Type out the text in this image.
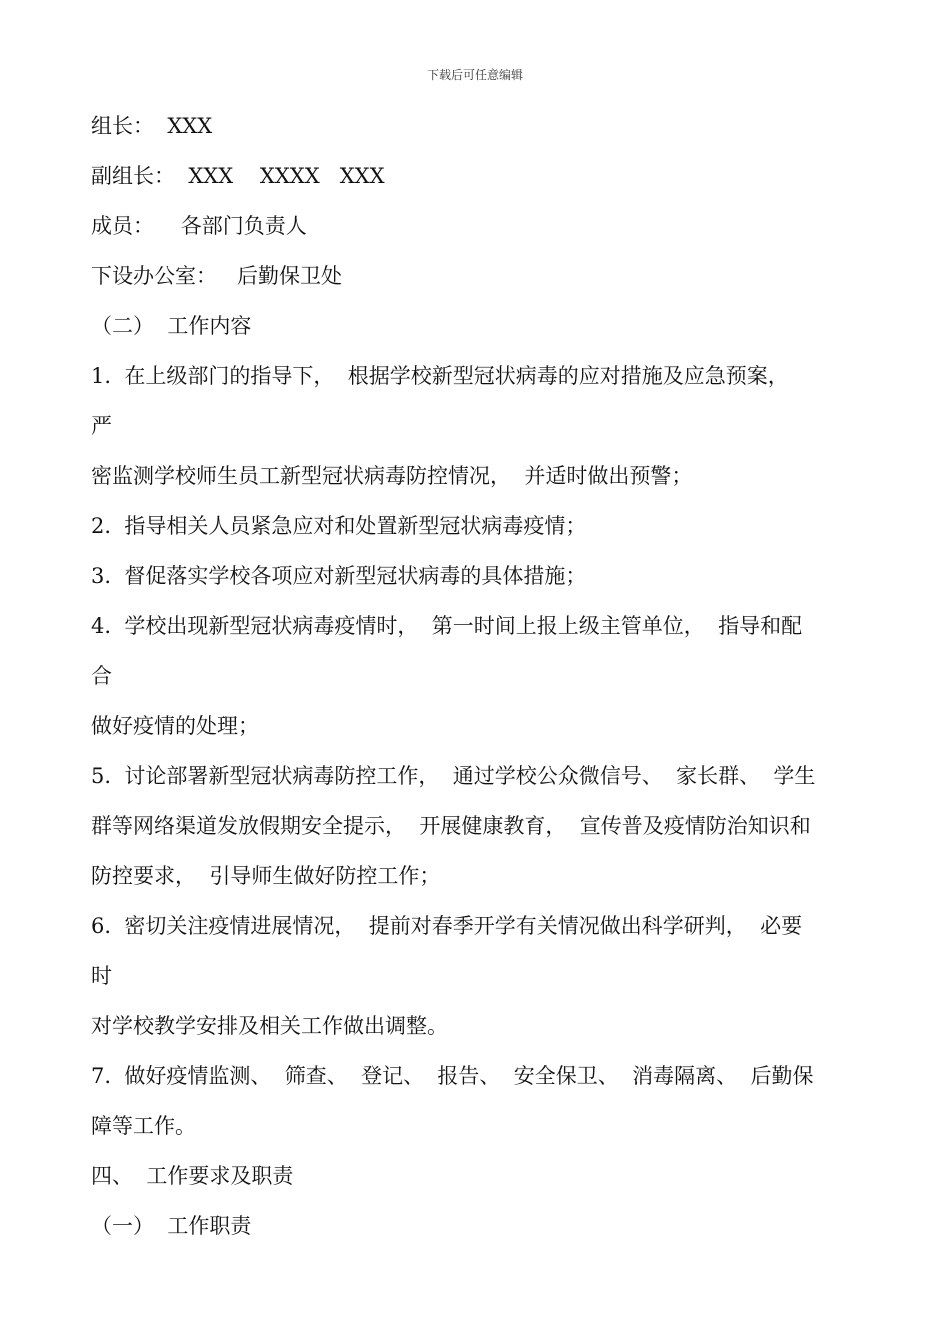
下载后可任意编辑
组长：  XXX
副组长：  XXX    XXXX   XXX
成员：    各部门负责人
下设办公室：   后勤保卫处
（二）  工作内容
1.  在上级部门的指导下，  根据学校新型冠状病毒的应对措施及应急预案，
严
密监测学校师生员工新型冠状病毒防控情况，  并适时做出预警；
2.  指导相关人员紧急应对和处置新型冠状病毒疫情；
3.  督促落实学校各项应对新型冠状病毒的具体措施；
4.  学校出现新型冠状病毒疫情时，  第一时间上报上级主管单位，  指导和配
合
做好疫情的处理；
5.  讨论部署新型冠状病毒防控工作，  通过学校公众微信号、  家长群、  学生
群等网络渠道发放假期安全提示，  开展健康教育，  宣传普及疫情防治知识和
防控要求，  引导师生做好防控工作；
6.  密切关注疫情进展情况，  提前对春季开学有关情况做出科学研判，  必要
时
对学校教学安排及相关工作做出调整。
7.  做好疫情监测、  筛查、  登记、  报告、  安全保卫、  消毒隔离、  后勤保
障等工作。
四、  工作要求及职责
（一）  工作职责
